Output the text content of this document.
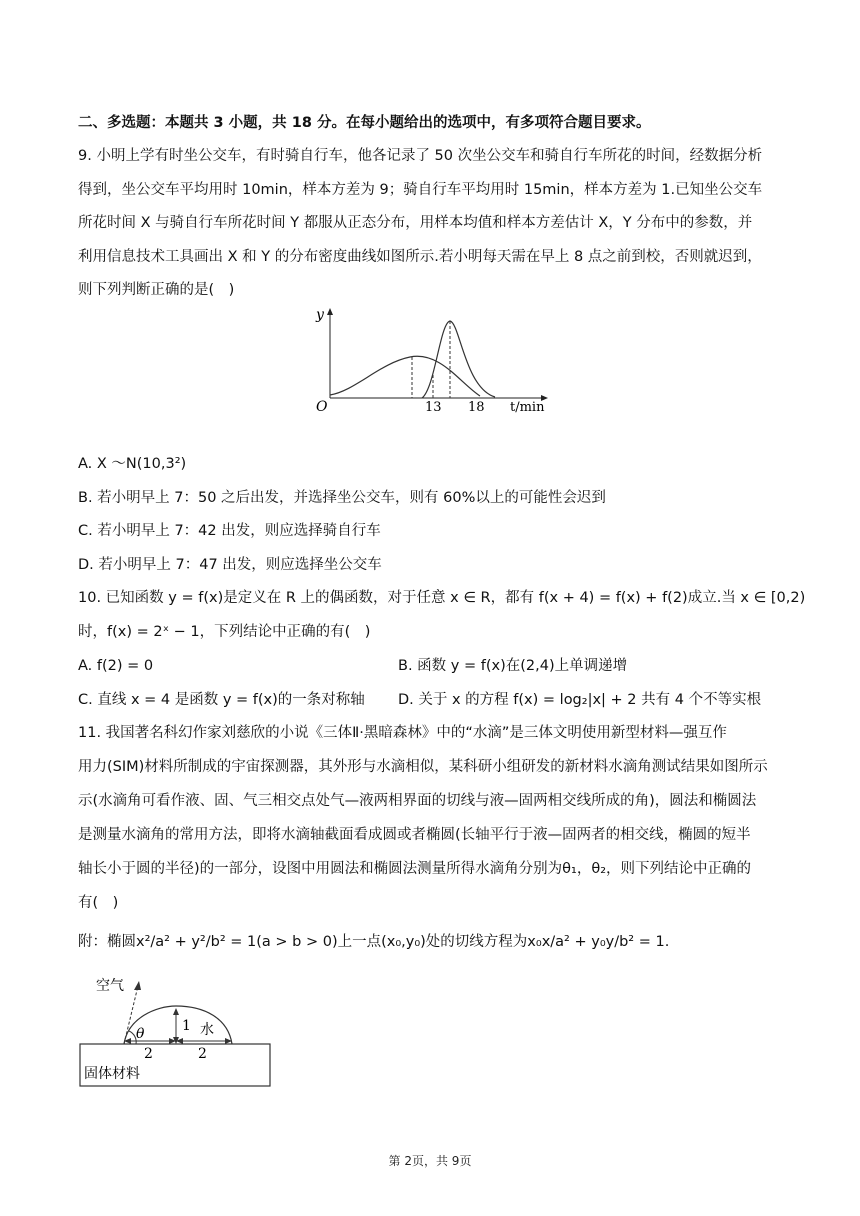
二、多选题：本题共 3 小题，共 18 分。在每小题给出的选项中，有多项符合题目要求。
9. 小明上学有时坐公交车，有时骑自行车，他各记录了 50 次坐公交车和骑自行车所花的时间，经数据分析
得到，坐公交车平均用时 10min，样本方差为 9；骑自行车平均用时 15min，样本方差为 1.已知坐公交车
所花时间 X 与骑自行车所花时间 Y 都服从正态分布，用样本均值和样本方差估计 X，Y 分布中的参数，并
利用信息技术工具画出 X 和 Y 的分布密度曲线如图所示.若小明每天需在早上 8 点之前到校，否则就迟到，
则下列判断正确的是(　)
y
O	13 18 t/min
A. X ～N(10,3²)
B. 若小明早上 7：50 之后出发，并选择坐公交车，则有 60%以上的可能性会迟到
C. 若小明早上 7：42 出发，则应选择骑自行车
D. 若小明早上 7：47 出发，则应选择坐公交车
10. 已知函数 y = f(x)是定义在 R 上的偶函数，对于任意 x ∈ R，都有 f(x + 4) = f(x) + f(2)成立.当 x ∈ [0,2)
时，f(x) = 2ˣ − 1，下列结论中正确的有(　)
A. f(2) = 0	B. 函数 y = f(x)在(2,4)上单调递增
C. 直线 x = 4 是函数 y = f(x)的一条对称轴 D. 关于 x 的方程 f(x) = log₂|x| + 2 共有 4 个不等实根
11. 我国著名科幻作家刘慈欣的小说《三体Ⅱ·黑暗森林》中的“水滴”是三体文明使用新型材料—强互作
用力(SIM)材料所制成的宇宙探测器，其外形与水滴相似，某科研小组研发的新材料水滴角测试结果如图所示
示(水滴角可看作液、固、气三相交点处气—液两相界面的切线与液—固两相交线所成的角)，圆法和椭圆法
是测量水滴角的常用方法，即将水滴轴截面看成圆或者椭圆(长轴平行于液—固两者的相交线，椭圆的短半
轴长小于圆的半径)的一部分，设图中用圆法和椭圆法测量所得水滴角分别为θ₁，θ₂，则下列结论中正确的
有(　)
附：椭圆x²/a² + y²/b² = 1(a > b > 0)上一点(x₀,y₀)处的切线方程为x₀x/a² + y₀y/b² = 1.
空气
θ	1 水
2	2
固体材料
第 2页，共 9页
